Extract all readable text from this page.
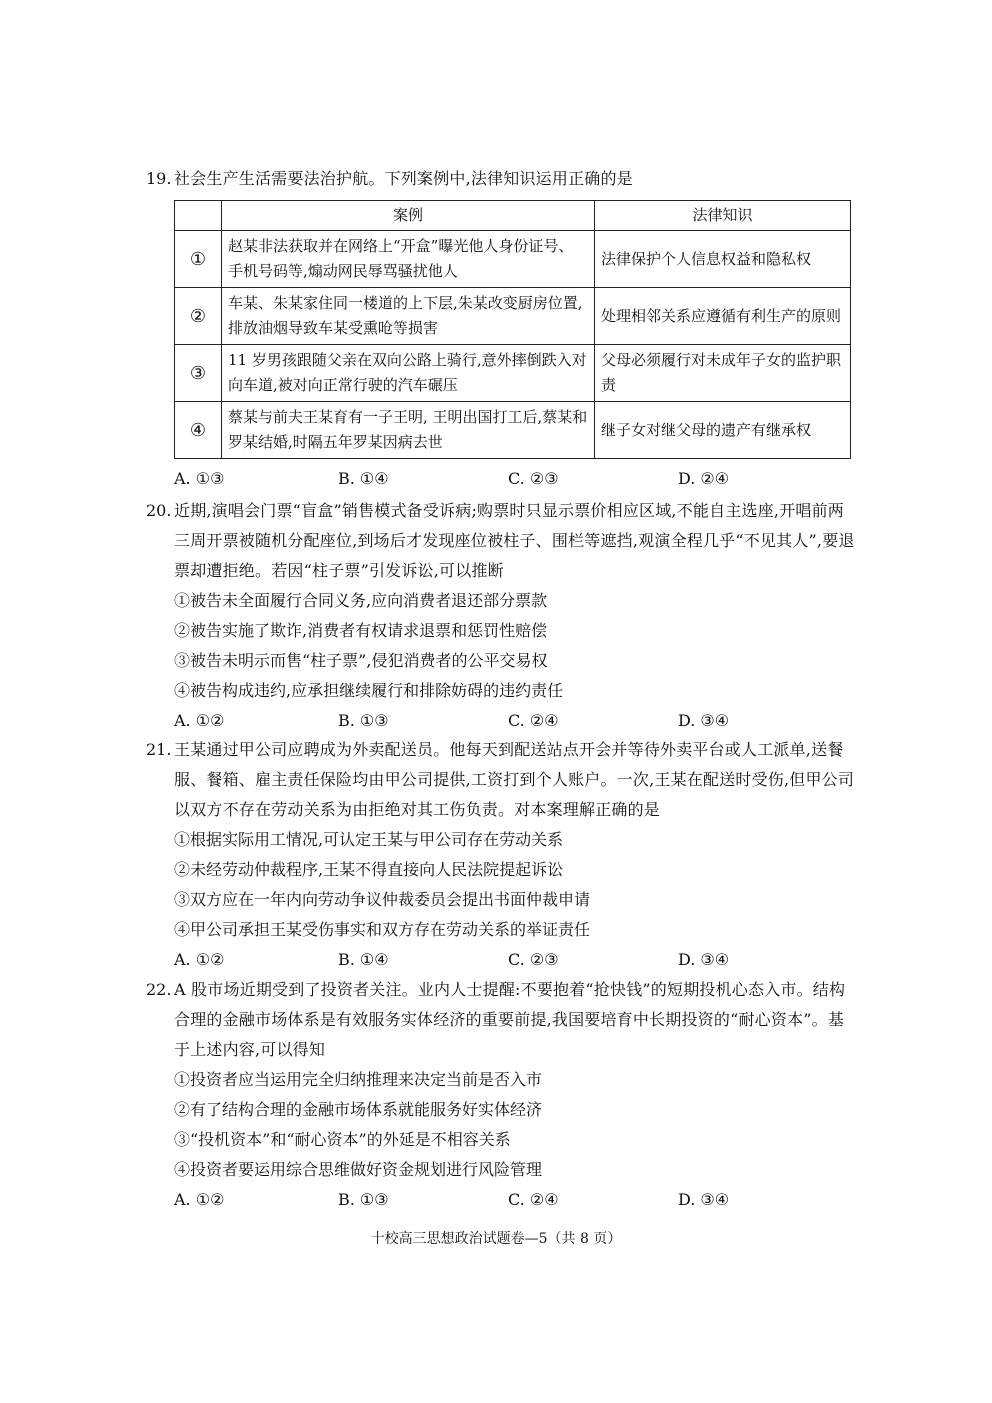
19. 社会生产生活需要法治护航。下列案例中,法律知识运用正确的是
	案例	法律知识
①	赵某非法获取并在网络上“开盒”曝光他人身份证号、手机号码等,煽动网民辱骂骚扰他人	法律保护个人信息权益和隐私权
②	车某、朱某家住同一楼道的上下层,朱某改变厨房位置,排放油烟导致车某受熏呛等损害	处理相邻关系应遵循有利生产的原则
③	11 岁男孩跟随父亲在双向公路上骑行,意外摔倒跌入对向车道,被对向正常行驶的汽车碾压	父母必须履行对未成年子女的监护职责
④	蔡某与前夫王某育有一子王明, 王明出国打工后,蔡某和罗某结婚,时隔五年罗某因病去世	继子女对继父母的遗产有继承权
A. ①③	B. ①④	C. ②③	D. ②④
20. 近期,演唱会门票“盲盒”销售模式备受诉病;购票时只显示票价相应区域,不能自主选座,开唱前两三周开票被随机分配座位,到场后才发现座位被柱子、围栏等遮挡,观演全程几乎“不见其人”,要退票却遭拒绝。若因“柱子票”引发诉讼,可以推断
①被告未全面履行合同义务,应向消费者退还部分票款
②被告实施了欺诈,消费者有权请求退票和惩罚性赔偿
③被告未明示而售“柱子票”,侵犯消费者的公平交易权
④被告构成违约,应承担继续履行和排除妨碍的违约责任
A. ①②	B. ①③	C. ②④	D. ③④
21. 王某通过甲公司应聘成为外卖配送员。他每天到配送站点开会并等待外卖平台或人工派单,送餐服、餐箱、雇主责任保险均由甲公司提供,工资打到个人账户。一次,王某在配送时受伤,但甲公司以双方不存在劳动关系为由拒绝对其工伤负责。对本案理解正确的是
①根据实际用工情况,可认定王某与甲公司存在劳动关系
②未经劳动仲裁程序,王某不得直接向人民法院提起诉讼
③双方应在一年内向劳动争议仲裁委员会提出书面仲裁申请
④甲公司承担王某受伤事实和双方存在劳动关系的举证责任
A. ①②	B. ①④	C. ②③	D. ③④
22. A 股市场近期受到了投资者关注。业内人士提醒:不要抱着“抢快钱”的短期投机心态入市。结构合理的金融市场体系是有效服务实体经济的重要前提,我国要培育中长期投资的“耐心资本”。基于上述内容,可以得知
①投资者应当运用完全归纳推理来决定当前是否入市
②有了结构合理的金融市场体系就能服务好实体经济
③“投机资本”和“耐心资本”的外延是不相容关系
④投资者要运用综合思维做好资金规划进行风险管理
A. ①②	B. ①③	C. ②④	D. ③④
十校高三思想政治试题卷—5（共 8 页）
